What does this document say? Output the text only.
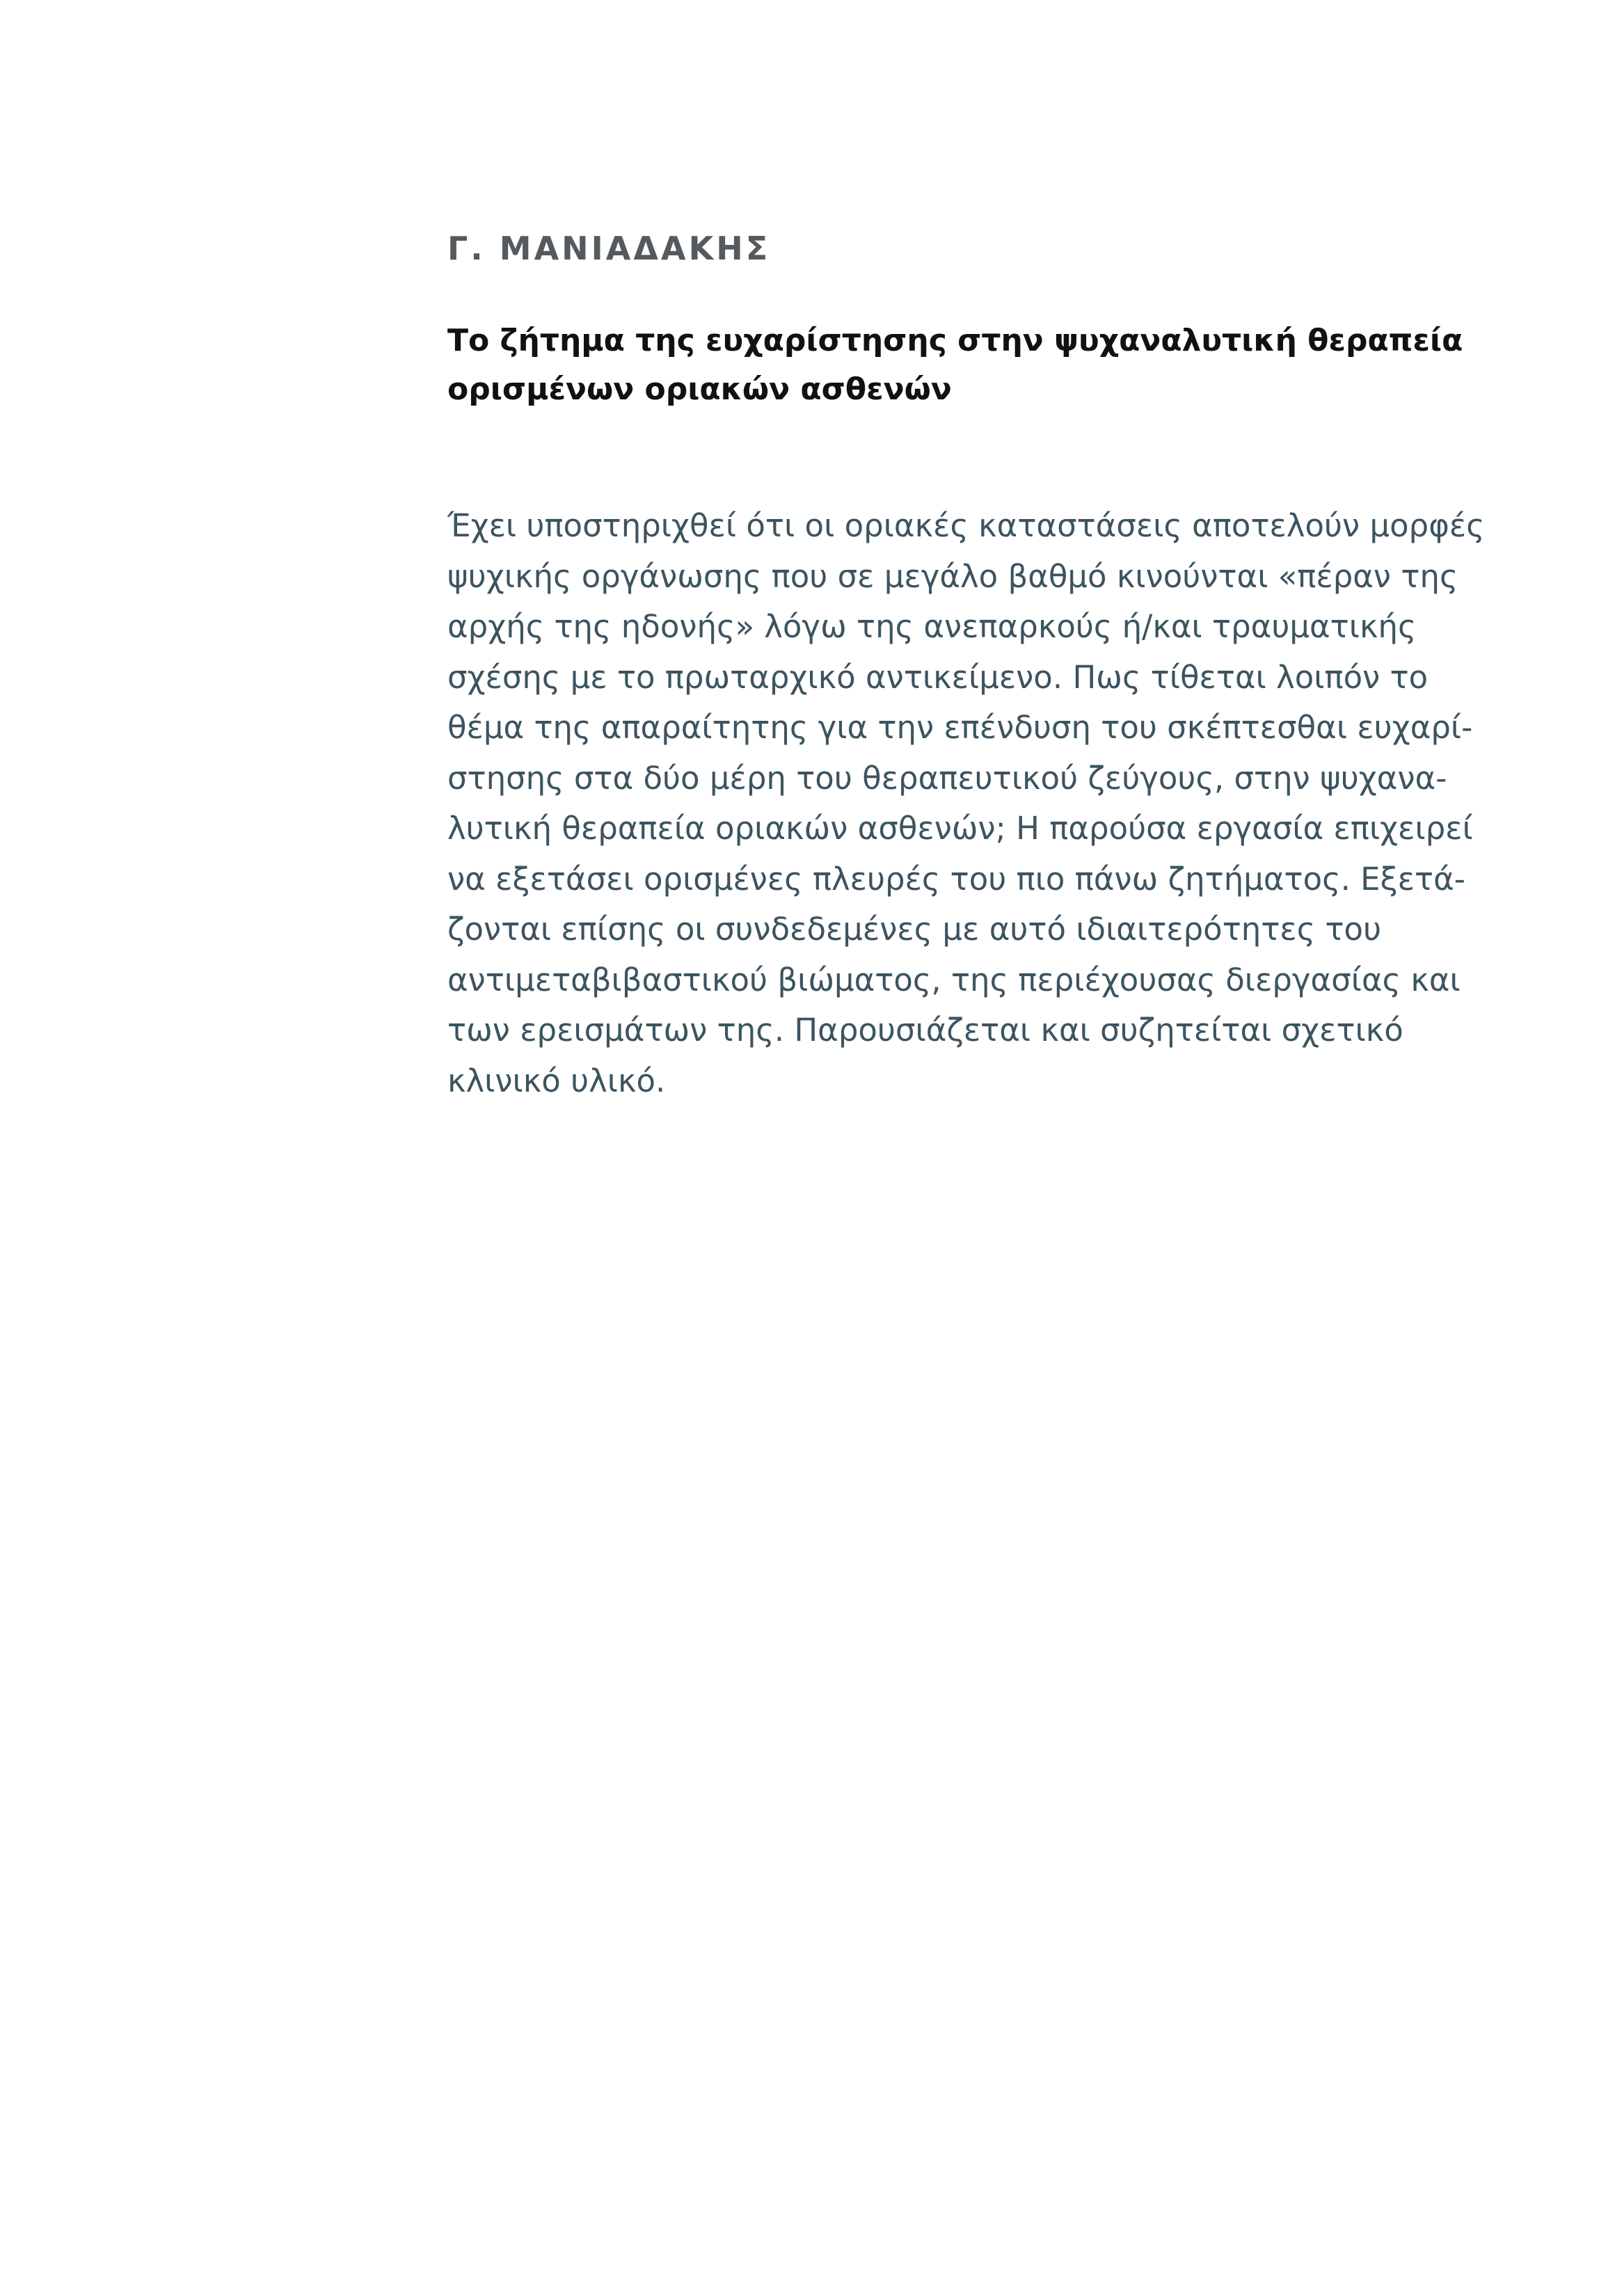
Γ. ΜΑΝΙΑΔΑΚΗΣ
Το ζήτημα της ευχαρίστησης στην ψυχαναλυτική θεραπεία
ορισμένων οριακών ασθενών
Έχει υποστηριχθεί ότι οι οριακές καταστάσεις αποτελούν μορφές
ψυχικής οργάνωσης που σε μεγάλο βαθμό κινούνται «πέραν της
αρχής της ηδονής» λόγω της ανεπαρκούς ή/και τραυματικής
σχέσης με το πρωταρχικό αντικείμενο. Πως τίθεται λοιπόν το
θέμα της απαραίτητης για την επένδυση του σκέπτεσθαι ευχαρί-
στησης στα δύο μέρη του θεραπευτικού ζεύγους, στην ψυχανα-
λυτική θεραπεία οριακών ασθενών; Η παρούσα εργασία επιχειρεί
να εξετάσει ορισμένες πλευρές του πιο πάνω ζητήματος. Εξετά-
ζονται επίσης οι συνδεδεμένες με αυτό ιδιαιτερότητες του
αντιμεταβιβαστικού βιώματος, της περιέχουσας διεργασίας και
των ερεισμάτων της. Παρουσιάζεται και συζητείται σχετικό
κλινικό υλικό.
